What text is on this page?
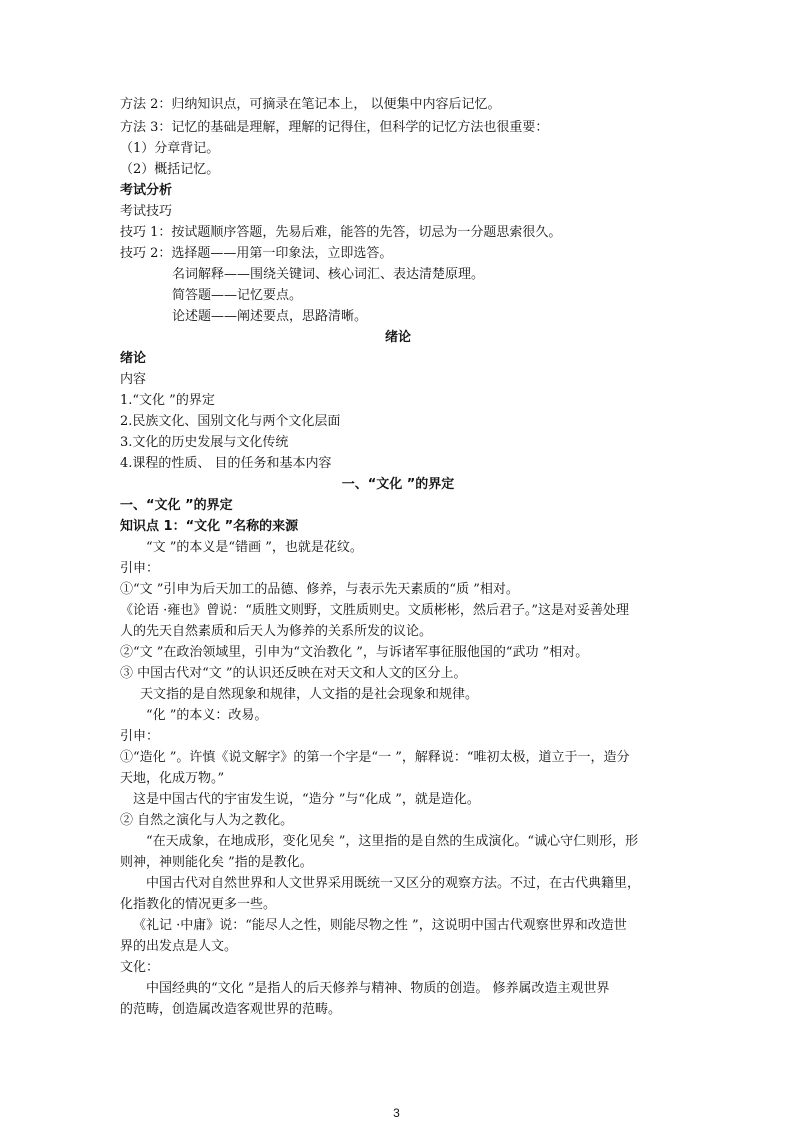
方法 2：归纳知识点，可摘录在笔记本上， 以便集中内容后记忆。
方法 3：记忆的基础是理解，理解的记得住，但科学的记忆方法也很重要：
（1）分章背记。
（2）概括记忆。
考试分析
考试技巧
技巧 1：按试题顺序答题，先易后难，能答的先答，切忌为一分题思索很久。
技巧 2：选择题——用第一印象法，立即选答。
名词解释——围绕关键词、核心词汇、表达清楚原理。
简答题——记忆要点。
论述题——阐述要点，思路清晰。
绪论
绪论
内容
1.“文化 ”的界定
2.民族文化、国别文化与两个文化层面
3.文化的历史发展与文化传统
4.课程的性质、 目的任务和基本内容
一、“文化 ”的界定
一、“文化 ”的界定
知识点 1：“文化 ”名称的来源
“文 ”的本义是“错画 ”，也就是花纹。
引申：
①“文 ”引申为后天加工的品德、修养，与表示先天素质的“质 ”相对。
《论语 ·雍也》曾说：“质胜文则野，文胜质则史。文质彬彬，然后君子。”这是对妥善处理
人的先天自然素质和后天人为修养的关系所发的议论。
②“文 ”在政治领域里，引申为“文治教化 ”，与诉诸军事征服他国的“武功 ”相对。
③ 中国古代对“文 ”的认识还反映在对天文和人文的区分上。
天文指的是自然现象和规律，人文指的是社会现象和规律。
“化 ”的本义：改易。
引申：
①“造化 ”。许慎《说文解字》的第一个字是“一 ”，解释说：“唯初太极，道立于一，造分
天地，化成万物。”
这是中国古代的宇宙发生说，“造分 ”与“化成 ”，就是造化。
② 自然之演化与人为之教化。
“在天成象，在地成形，变化见矣 ”，这里指的是自然的生成演化。“诚心守仁则形，形
则神，神则能化矣 ”指的是教化。
中国古代对自然世界和人文世界采用既统一又区分的观察方法。不过，在古代典籍里，
化指教化的情况更多一些。
《礼记 ·中庸》说：“能尽人之性，则能尽物之性 ”，这说明中国古代观察世界和改造世
界的出发点是人文。
文化：
中国经典的“文化 ”是指人的后天修养与精神、物质的创造。 修养属改造主观世界
的范畴，创造属改造客观世界的范畴。
3
